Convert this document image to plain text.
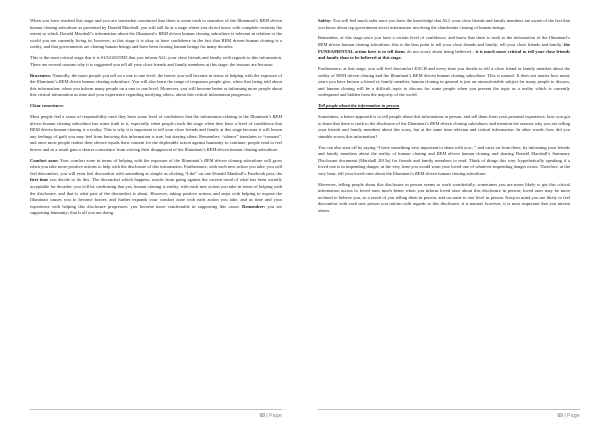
When you have reached this stage and you are somewhat convinced that there is some truth to narrative of the Illuminati’s REM driven human cloning subculture as presented by Donald Marshall, you will still be at a stage where you do not know with complete certainty the extent to which Donald Marshall’s information about the Illuminati’s REM driven human cloning subculture is relevant in relation to the world you are currently living in, however, at this stage it is okay to have confidence in the fact that REM driven human cloning is a reality, and that governments are cloning human beings and have been cloning human beings for many decades.

This is the most critical stage that it is SUGGESTED that you inform ALL your close friends and family with regards to this information. There are several reasons why it is suggested you tell all your close friends and family members at this stage; the reasons are because:

Braveness: Naturally, the more people you tell on a one to one level, the braver you will become in terms of helping with the exposure of the Illuminati’s REM driven human cloning subculture. You will also learn the range of responses people give, when first being told about this information; when you inform many people on a one to one level. Moreover, you will become better at informing more people about this critical information as time and your experience regarding notifying others, about this critical information progresses.

Clear conscience:

Most people feel a sense of responsibility once they have some level of confidence that the information relating to the Illuminati’s REM driven human cloning subculture has some truth to it, especially when people reach the stage when they have a level of confidence that REM driven human cloning is a reality. This is why it is important to tell your close friends and family at this stage because it will lessen any feelings of guilt you may feel from knowing this information is true, but staying silent. Remember: “silence” translates to “consent”, and once most people realise their silence equals their consent for the deplorable action against humanity to continue, people tend to feel braver and as a result gain a clearer conscience from voicing their disapproval of the Illuminati’s REM driven human cloning subculture.

Comfort zone: Your comfort zone in terms of helping with the exposure of the Illuminati’s REM driven cloning subculture will grow when you take more positive actions to help with the disclosure of this information. Furthermore, with each new action you take; you will feel discomfort, you will even feel discomfort with something as simple as clicking “Like” on one Donald Marshall’s Facebook post, the first time you decide to do this. The discomfort which happens, results from going against the current trend of what has been socially acceptable for decades; you will be confirming that yes, human cloning is reality, with each new action you take in terms of helping with the disclosure, and that is what part of the discomfort is about. However, taking positive actions and steps with helping to expose the Illuminati causes you to become braver, and further expands your comfort zone with each action you take, and as time and your experience with helping this disclosure progresses, you become more comfortable in supporting this cause. Remember: you are supporting humanity; that is all you are doing.

68 | Page

Safety: You will feel much safer once you have the knowledge that ALL your close friends and family members are aware of the fact that you know about top government secret information involving the clandestine cloning of human beings.

Remember, at this stage once you have a certain level of confidence, and know that there is truth to the information of the Illuminati’s REM driven human cloning subculture; this is the best point to tell your close friends and family; tell your close friends and family; the FUNDAMENTAL action here is to tell them. do not worry about being believed... it is much more critical to tell your close friends and family than to be believed at this stage.

Furthermore, at this stage, you will feel discomfort EACH and every time you decide to tell a close friend or family member about the reality of REM driven cloning and the Illuminati’s REM driven human cloning subculture. This is natural. It does not matter how many years you have known a friend or family member, human cloning in general is just an uncomfortable subject for many people to discuss, and human cloning will be a difficult topic to discuss for some people when you present the topic as a reality which is currently widespread and hidden from the majority of the world.

Tell people about the information in person

Sometimes, a better approach is to tell people about this information in person, and tell them from your personal experience, how you got to learn that there is truth to the disclosure of the Illuminati’s REM driven cloning subculture; and mention the reasons why you are telling your friends and family members about this scary, but at the same time relevant and critical information. In other words: how did you stumble across this information?

You can also start off by saying “I have something very important to share with you...” and carry on from there, by informing your friends and family members about the reality of human cloning and REM driven human cloning and sharing Donald Marshall’s Summary Disclosure document (Marshall 2015a) for friends and family members to read. Think of things this way: hypothetically speaking if a loved one is in impending danger, at the very least you would warn your loved one of whatever impending danger exists. Therefore, at the very least, tell your loved ones about the Illuminati’s REM driven human cloning subculture.

Moreover, telling people about this disclosure in person seems to work wonderfully; sometimes you are more likely to get this critical information across to loved ones much better when you inform loved ones about this disclosure in person; loved ones may be more inclined to believe you, as a result of you telling them in person, and on some to one level in person. Keep in mind you are likely to feel discomfort with each new person you inform with regards to this disclosure, it is natural, however, it is most important that you inform others.

69 | Page
